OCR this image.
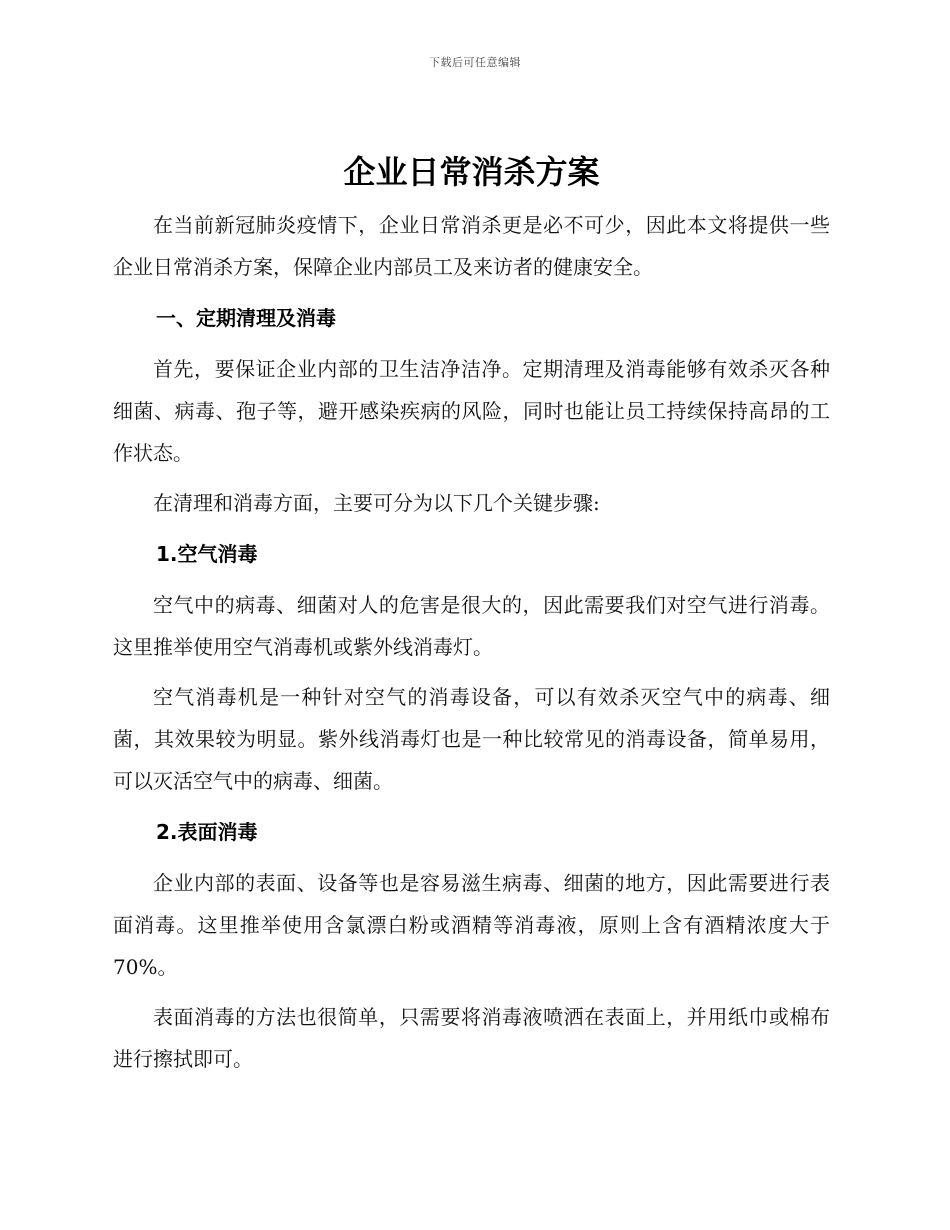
下载后可任意编辑
企业日常消杀方案

在当前新冠肺炎疫情下，企业日常消杀更是必不可少，因此本文将提供一些企业日常消杀方案，保障企业内部员工及来访者的健康安全。

一、定期清理及消毒

首先，要保证企业内部的卫生洁净洁净。定期清理及消毒能够有效杀灭各种细菌、病毒、孢子等，避开感染疾病的风险，同时也能让员工持续保持高昂的工作状态。

在清理和消毒方面，主要可分为以下几个关键步骤:

1.空气消毒

空气中的病毒、细菌对人的危害是很大的，因此需要我们对空气进行消毒。这里推举使用空气消毒机或紫外线消毒灯。

空气消毒机是一种针对空气的消毒设备，可以有效杀灭空气中的病毒、细菌，其效果较为明显。紫外线消毒灯也是一种比较常见的消毒设备，简单易用，可以灭活空气中的病毒、细菌。

2.表面消毒

企业内部的表面、设备等也是容易滋生病毒、细菌的地方，因此需要进行表面消毒。这里推举使用含氯漂白粉或酒精等消毒液，原则上含有酒精浓度大于 70%。

表面消毒的方法也很简单，只需要将消毒液喷洒在表面上，并用纸巾或棉布进行擦拭即可。
